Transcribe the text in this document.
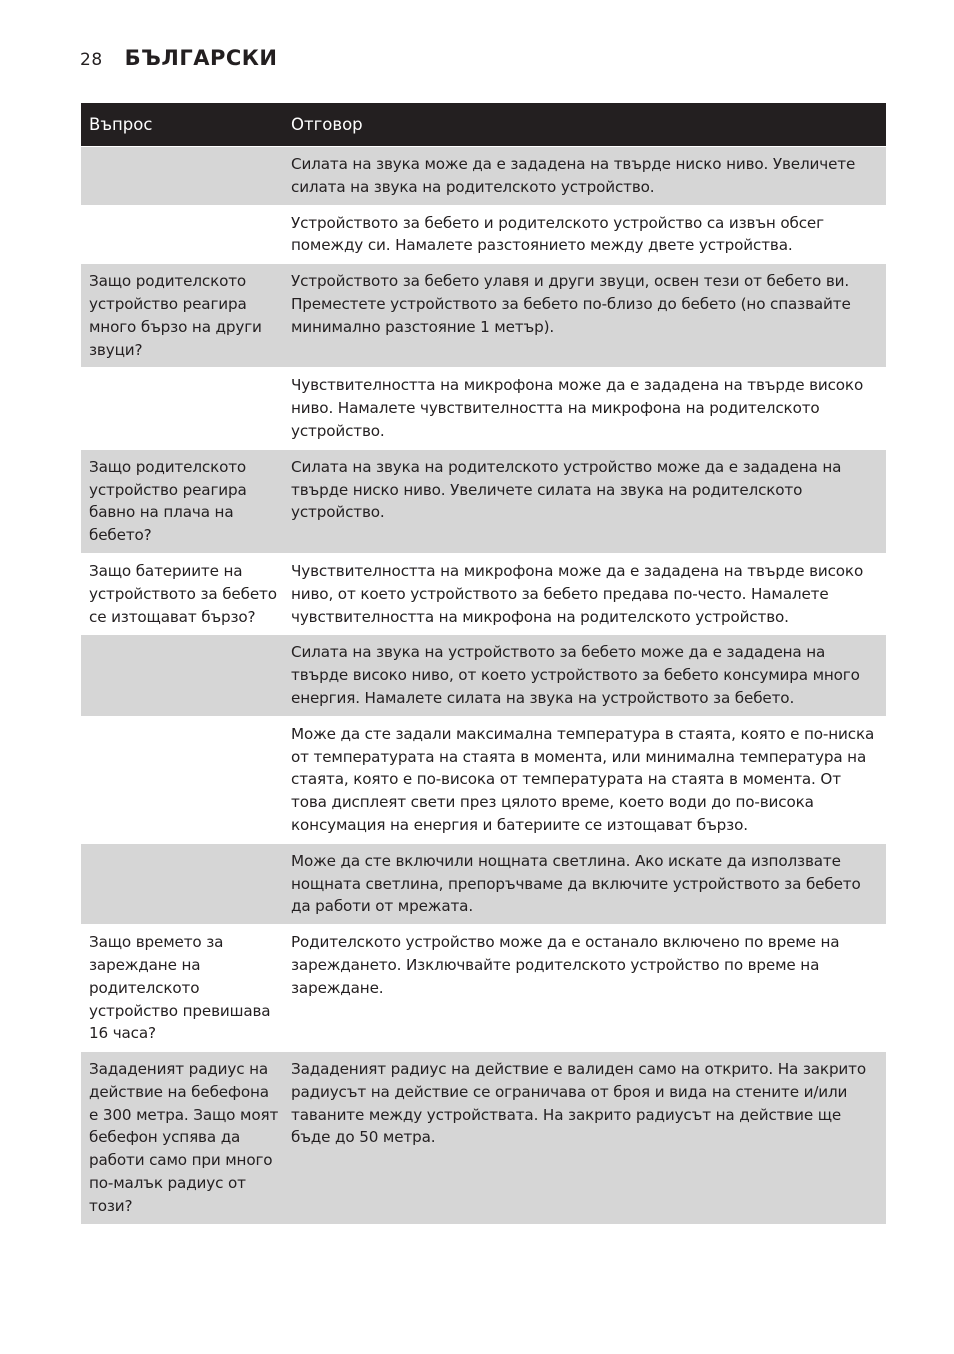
28 БЪЛГАРСКИ
Въпрос	Отговор
	Силата на звука може да е зададена на твърде ниско ниво. Увеличете силата на звука на родителското устройство.
	Устройството за бебето и родителското устройство са извън обсег помежду си. Намалете разстоянието между двете устройства.
Защо родителското устройство реагира много бързо на други звуци?	Устройството за бебето улавя и други звуци, освен тези от бебето ви. Преместете устройството за бебето по-близо до бебето (но спазвайте минимално разстояние 1 метър).
	Чувствителността на микрофона може да е зададена на твърде високо ниво. Намалете чувствителността на микрофона на родителското устройство.
Защо родителското устройство реагира бавно на плача на бебето?	Силата на звука на родителското устройство може да е зададена на твърде ниско ниво. Увеличете силата на звука на родителското устройство.
Защо батериите на устройството за бебето се изтощават бързо?	Чувствителността на микрофона може да е зададена на твърде високо ниво, от което устройството за бебето предава по-често. Намалете чувствителността на микрофона на родителското устройство.
	Силата на звука на устройството за бебето може да е зададена на твърде високо ниво, от което устройството за бебето консумира много енергия. Намалете силата на звука на устройството за бебето.
	Може да сте задали максимална температура в стаята, която е по-ниска от температурата на стаята в момента, или минимална температура на стаята, която е по-висока от температурата на стаята в момента. От това дисплеят свети през цялото време, което води до по-висока консумация на енергия и батериите се изтощават бързо.
	Може да сте включили нощната светлина. Ако искате да използвате нощната светлина, препоръчваме да включите устройството за бебето да работи от мрежата.
Защо времето за зареждане на родителското устройство превишава 16 часа?	Родителското устройство може да е останало включено по време на зареждането. Изключвайте родителското устройство по време на зареждане.
Зададеният радиус на действие на бебефона е 300 метра. Защо моят бебефон успява да работи само при много по-малък радиус от този?	Зададеният радиус на действие е валиден само на открито. На закрито радиусът на действие се ограничава от броя и вида на стените и/или таваните между устройствата. На закрито радиусът на действие ще бъде до 50 метра.
